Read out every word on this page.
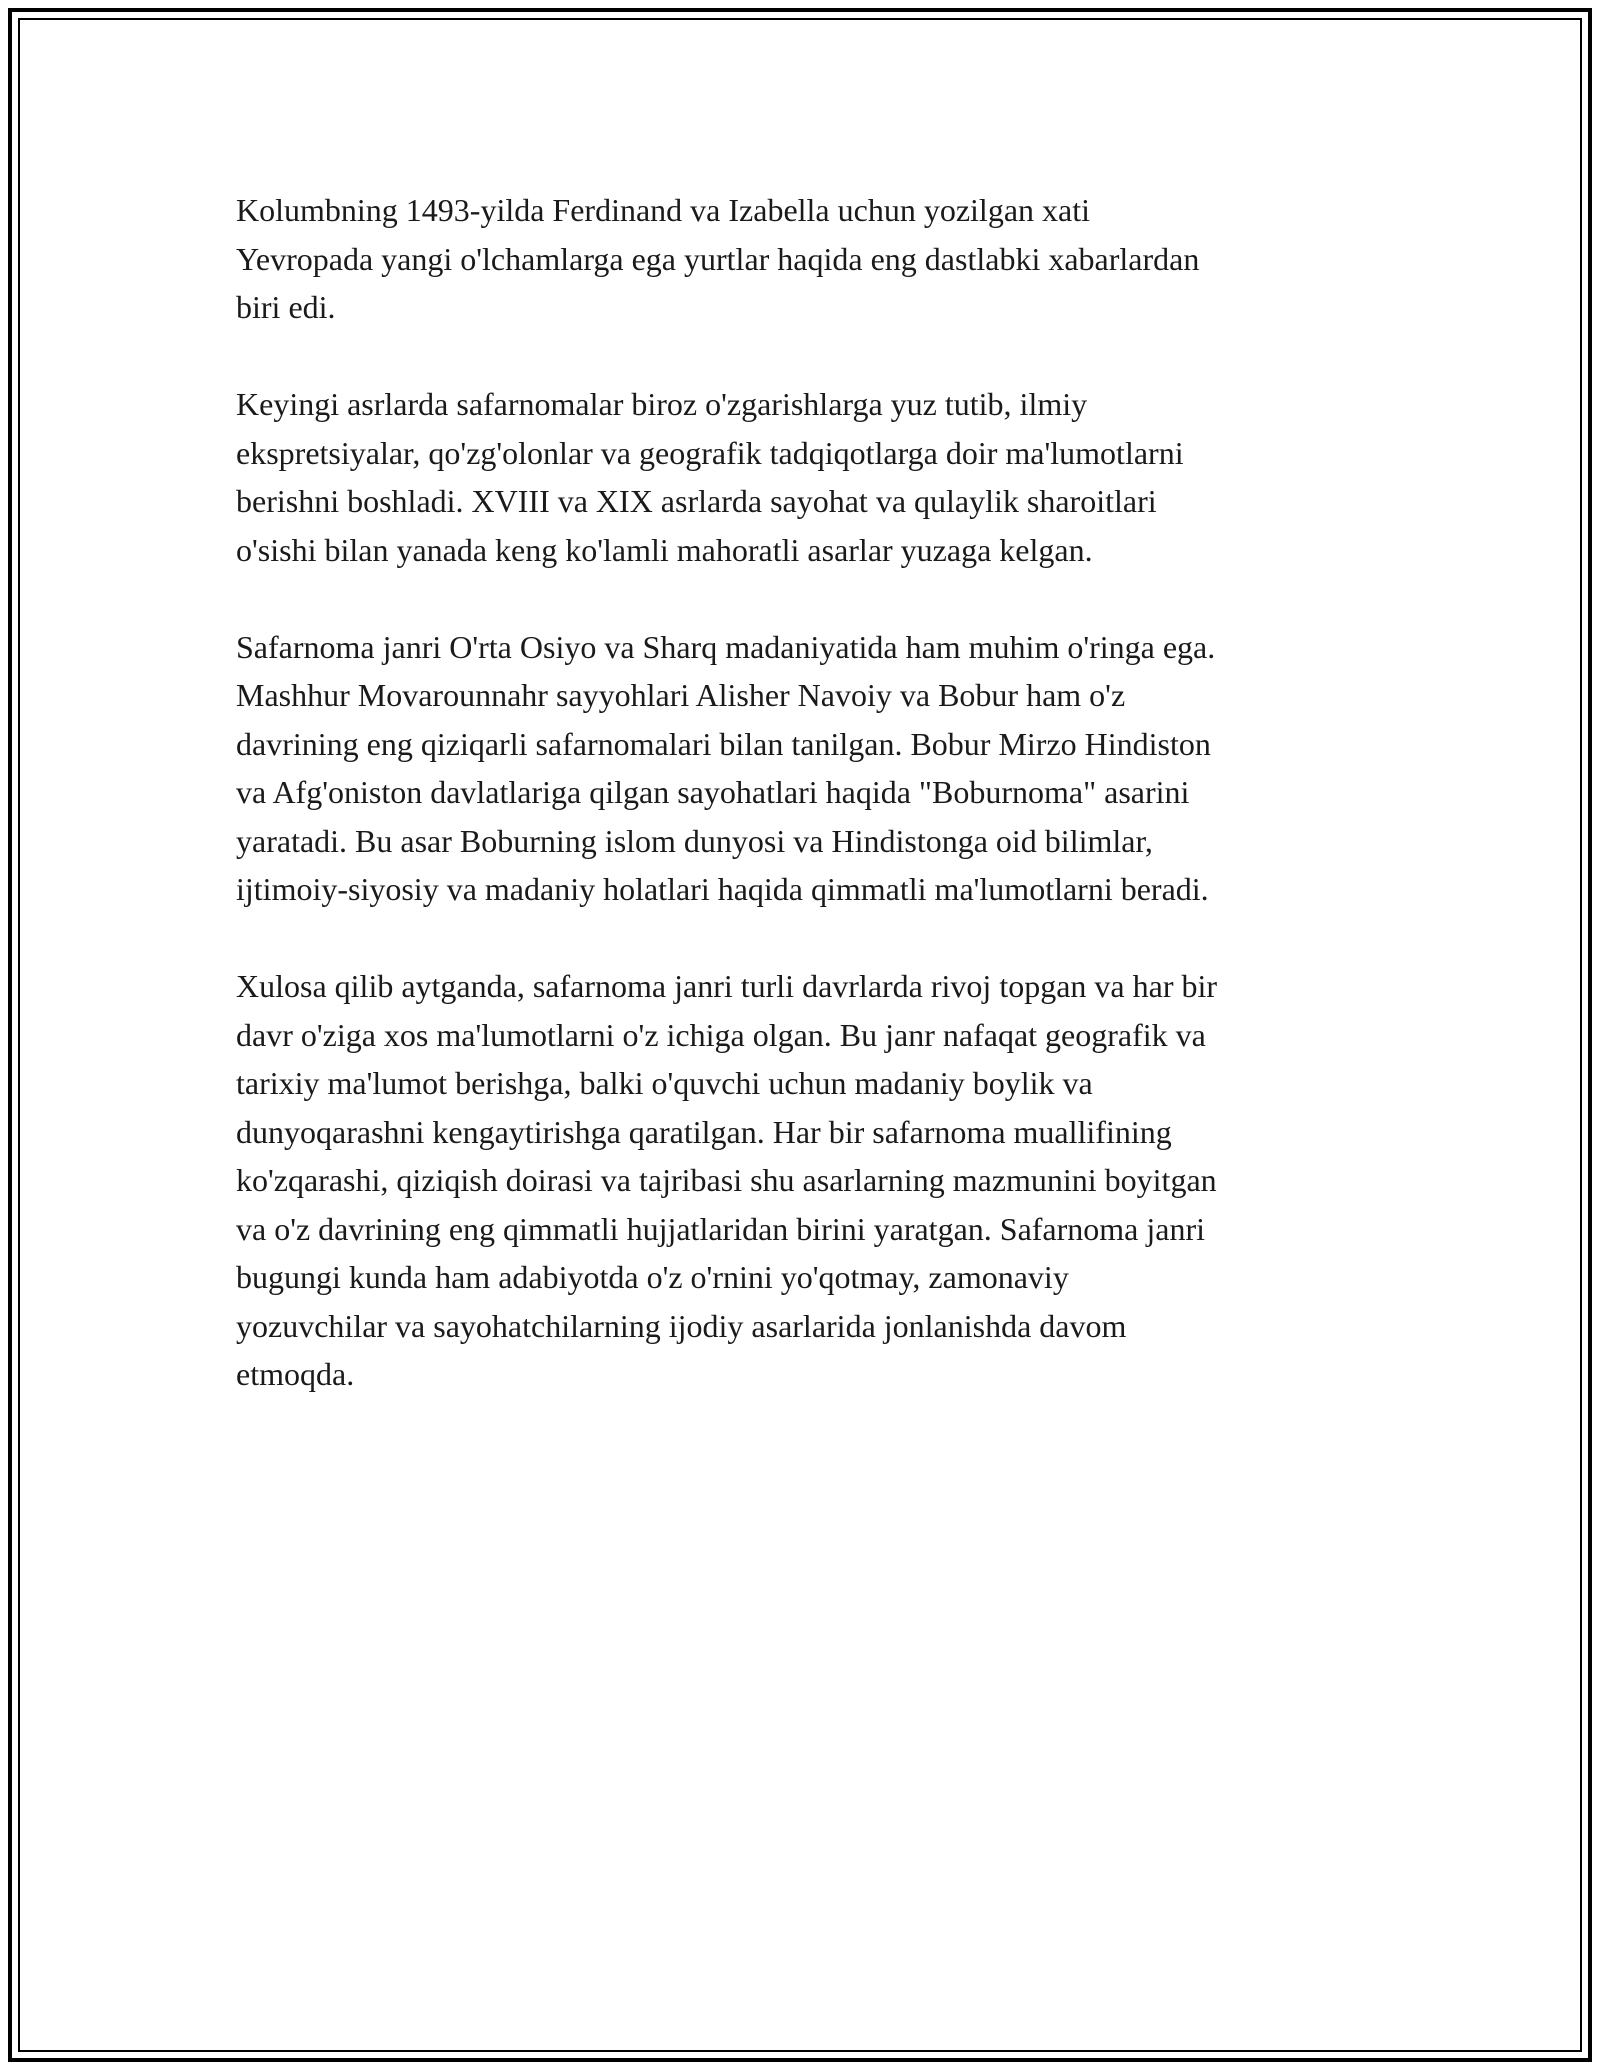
Kolumbning 1493-yilda Ferdinand va Izabella uchun yozilgan xati
Yevropada yangi o'lchamlarga ega yurtlar haqida eng dastlabki xabarlardan
biri edi.

Keyingi asrlarda safarnomalar biroz o'zgarishlarga yuz tutib, ilmiy
ekspretsiyalar, qo'zg'olonlar va geografik tadqiqotlarga doir ma'lumotlarni
berishni boshladi. XVIII va XIX asrlarda sayohat va qulaylik sharoitlari
o'sishi bilan yanada keng ko'lamli mahoratli asarlar yuzaga kelgan.

Safarnoma janri O'rta Osiyo va Sharq madaniyatida ham muhim o'ringa ega.
Mashhur Movarounnahr sayyohlari Alisher Navoiy va Bobur ham o'z
davrining eng qiziqarli safarnomalari bilan tanilgan. Bobur Mirzo Hindiston
va Afg'oniston davlatlariga qilgan sayohatlari haqida "Boburnoma" asarini
yaratadi. Bu asar Boburning islom dunyosi va Hindistonga oid bilimlar,
ijtimoiy-siyosiy va madaniy holatlari haqida qimmatli ma'lumotlarni beradi.

Xulosa qilib aytganda, safarnoma janri turli davrlarda rivoj topgan va har bir
davr o'ziga xos ma'lumotlarni o'z ichiga olgan. Bu janr nafaqat geografik va
tarixiy ma'lumot berishga, balki o'quvchi uchun madaniy boylik va
dunyoqarashni kengaytirishga qaratilgan. Har bir safarnoma muallifining
ko'zqarashi, qiziqish doirasi va tajribasi shu asarlarning mazmunini boyitgan
va o'z davrining eng qimmatli hujjatlaridan birini yaratgan. Safarnoma janri
bugungi kunda ham adabiyotda o'z o'rnini yo'qotmay, zamonaviy
yozuvchilar va sayohatchilarning ijodiy asarlarida jonlanishda davom
etmoqda.
